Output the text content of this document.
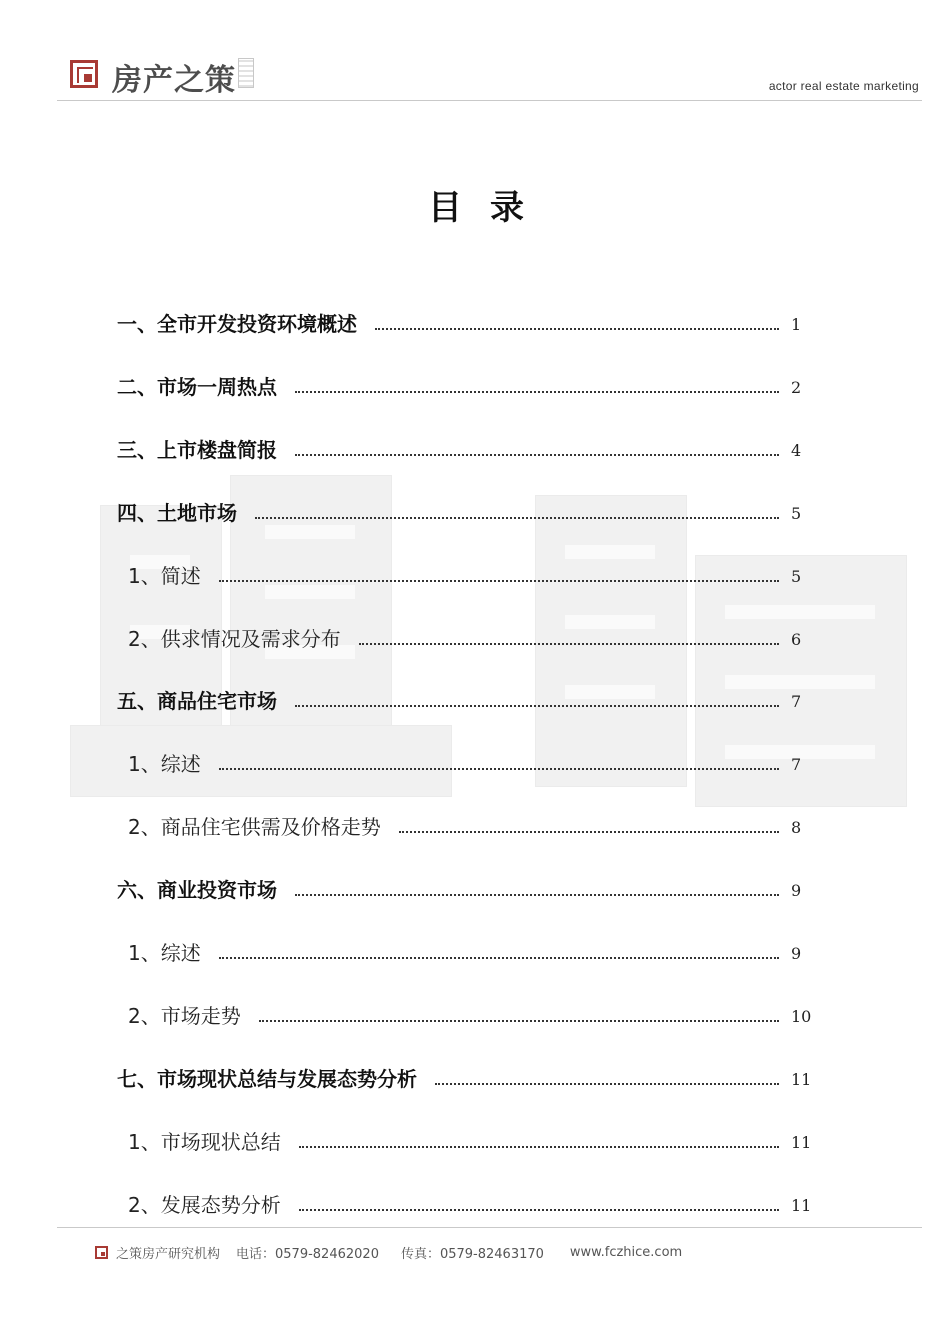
房产之策	actor real estate marketing
目录
一、全市开发投资环境概述	1
二、市场一周热点	2
三、上市楼盘简报	4
四、土地市场	5
1、简述	5
2、供求情况及需求分布	6
五、商品住宅市场	7
1、综述	7
2、商品住宅供需及价格走势	8
六、商业投资市场	9
1、综述	9
2、市场走势	10
七、市场现状总结与发展态势分析	11
1、市场现状总结	11
2、发展态势分析	11
之策房产研究机构 电话：0579-82462020 传真：0579-82463170 www.fczhice.com
